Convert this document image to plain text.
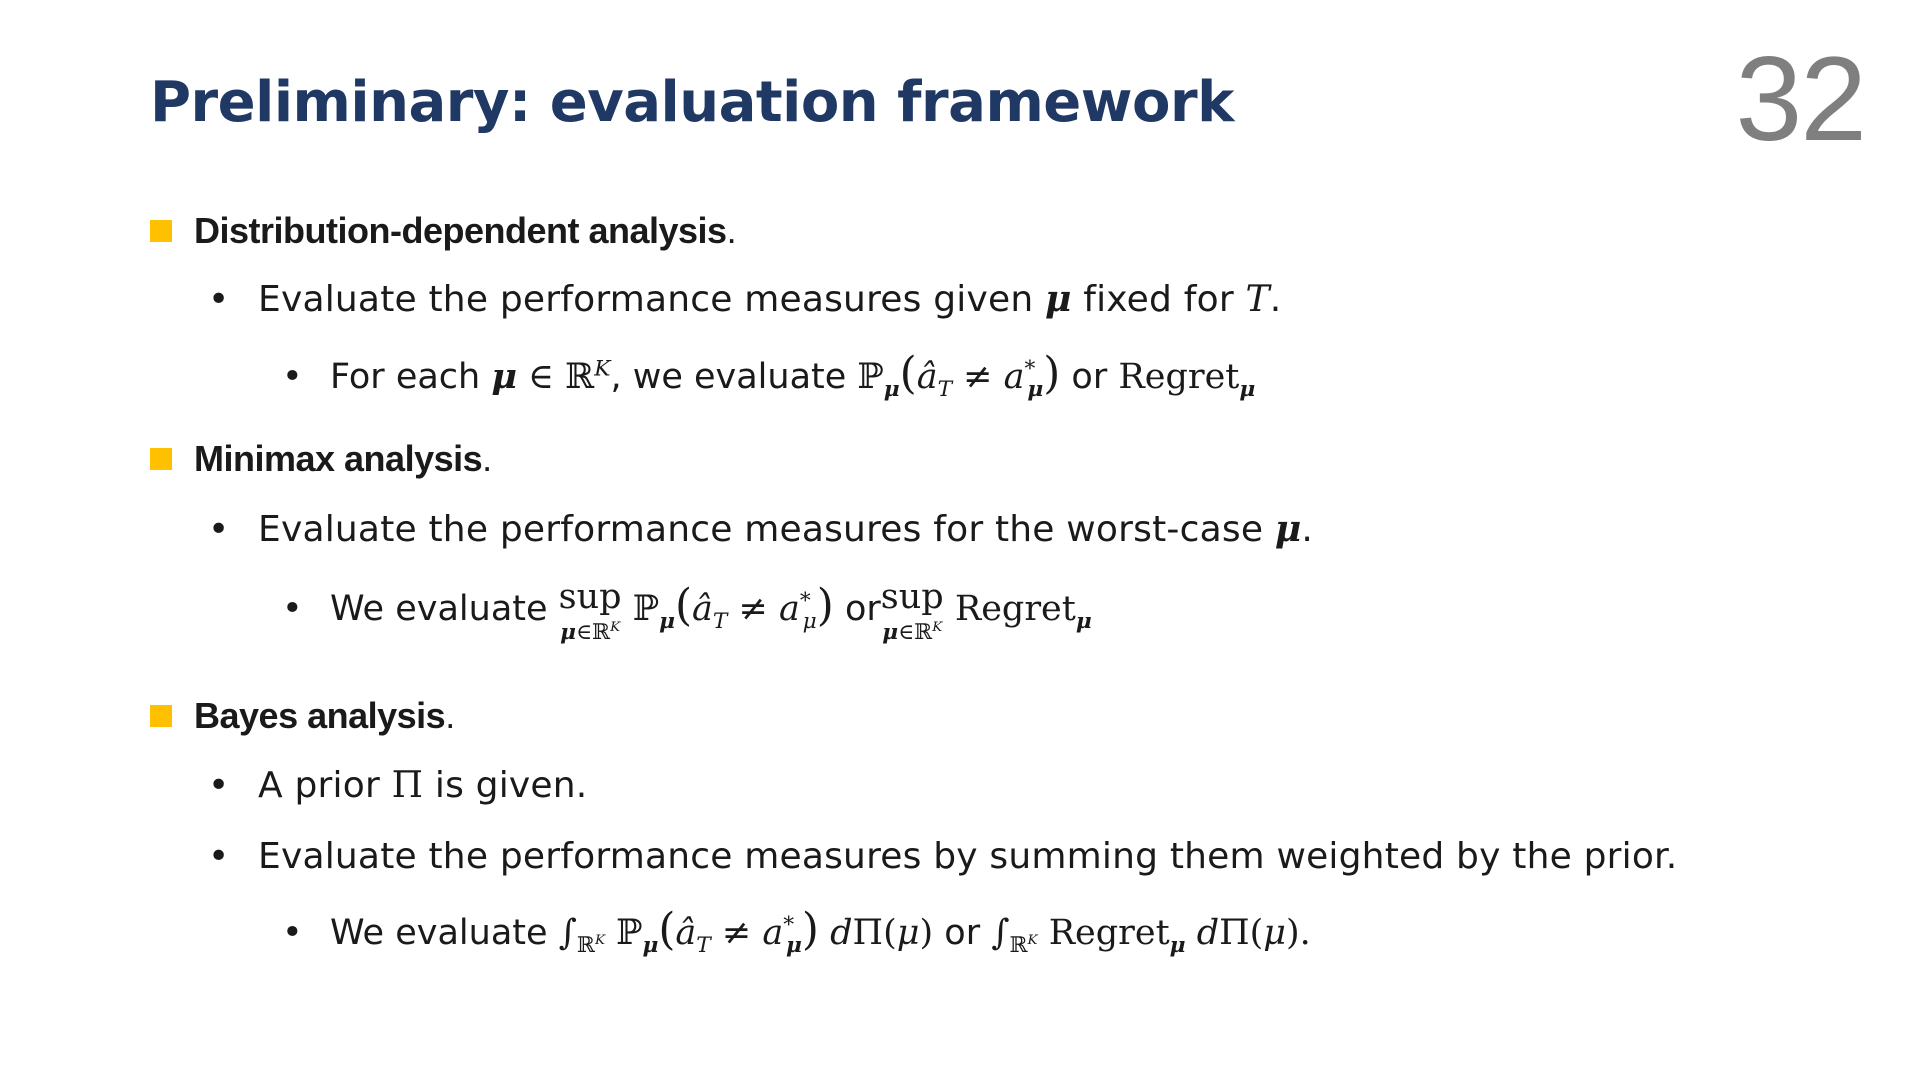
Preliminary: evaluation framework	32
Distribution-dependent analysis .
• Evaluate the performance measures given μ fixed for T.
• For each μ ∈ ℝ$^K$, we evaluate $ℙ_\mu(â_T \ne a^*_\mu)$ or Regret$_\mu$
Minimax analysis .
• Evaluate the performance measures for the worst-case μ.
• We evaluate sup
μ∈ℝ$^K$ $ℙ_\mu(â_T \ne a^*_\mu)$ or sup
μ∈ℝ$^K$ Regret$_\mu$
Bayes analysis .
• A prior Π is given.
• Evaluate the performance measures by summing them weighted by the prior.
• We evaluate $\int_{ℝ^K}$ $ℙ_\mu(â_T \ne a^*_\mu)$ dΠ(μ) or $\int_{ℝ^K}$ Regret$_\mu$ dΠ(μ).
